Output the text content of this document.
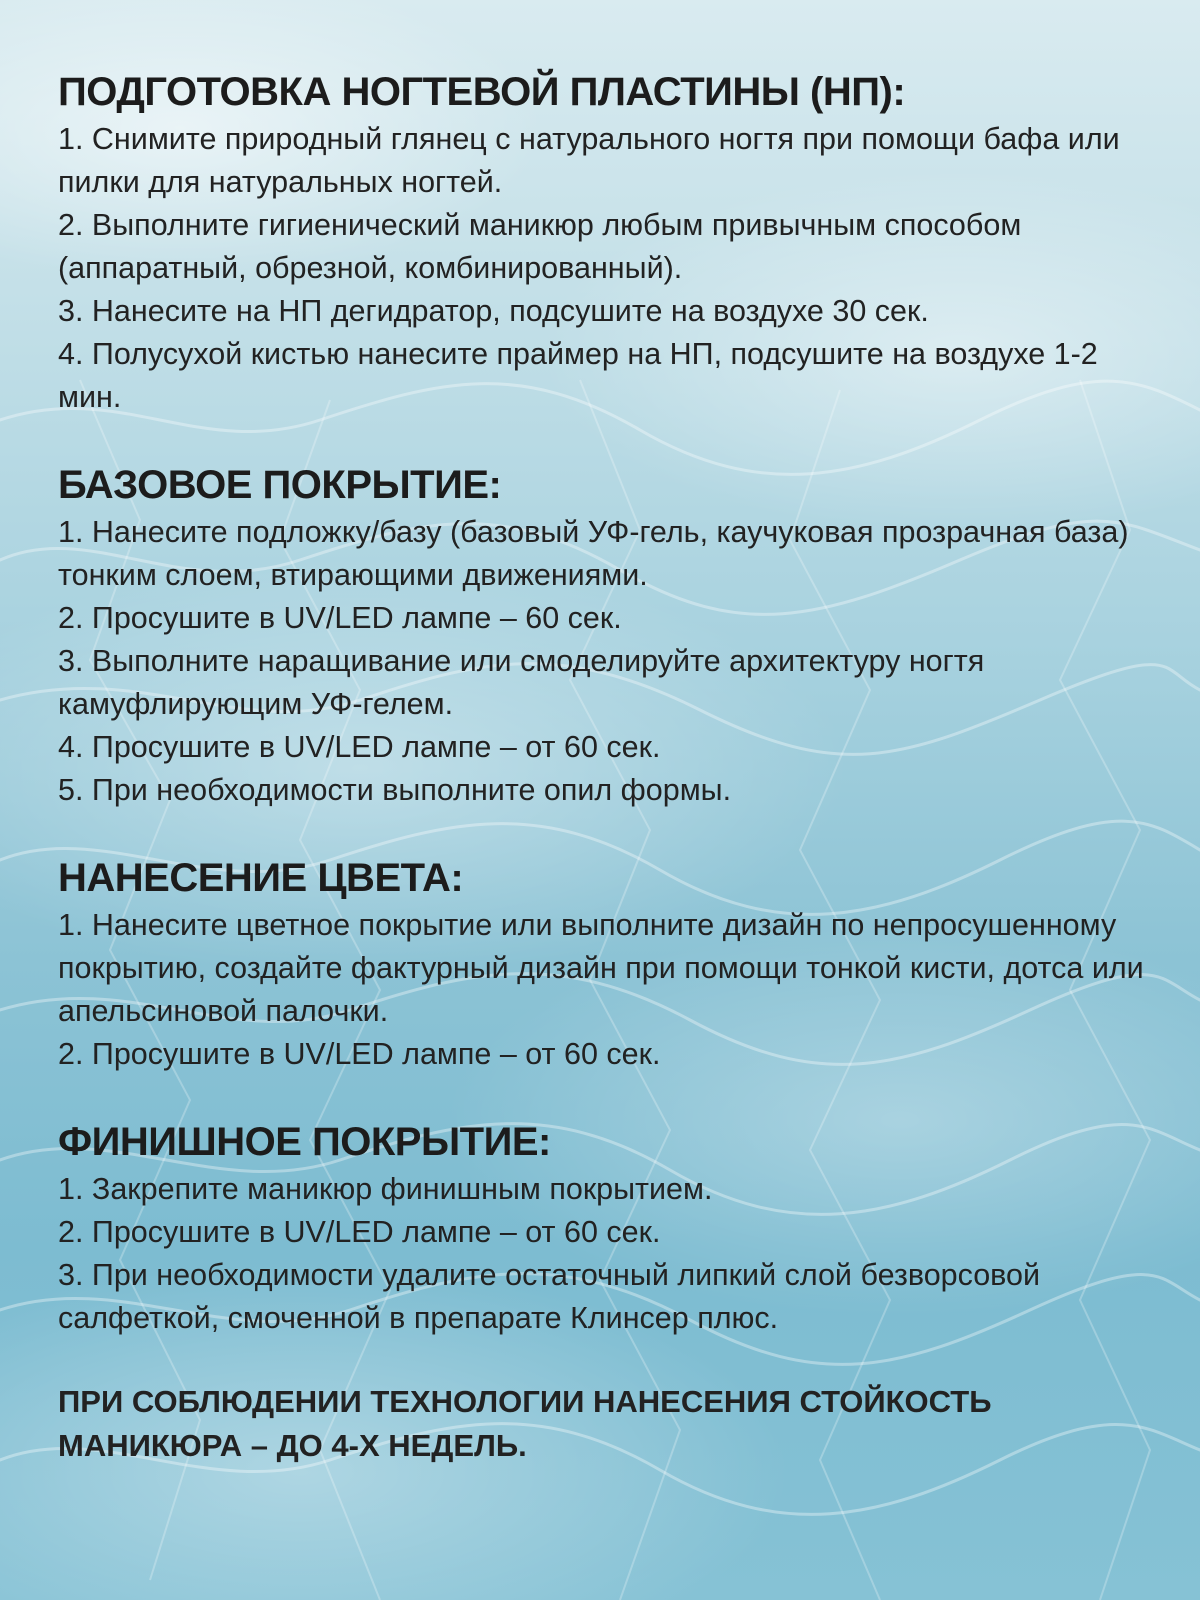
ПОДГОТОВКА НОГТЕВОЙ ПЛАСТИНЫ (НП):
1. Снимите природный глянец с натурального ногтя при помощи бафа или пилки для натуральных ногтей.
2. Выполните гигиенический маникюр любым привычным способом (аппаратный, обрезной, комбинированный).
3. Нанесите на НП дегидратор, подсушите на воздухе 30 сек.
4. Полусухой кистью нанесите праймер на НП, подсушите на воздухе 1-2 мин.
БАЗОВОЕ ПОКРЫТИЕ:
1. Нанесите подложку/базу (базовый УФ-гель, каучуковая прозрачная база) тонким слоем, втирающими движениями.
2. Просушите в UV/LED лампе – 60 сек.
3. Выполните наращивание или смоделируйте архитектуру ногтя камуфлирующим УФ-гелем.
4. Просушите в UV/LED лампе – от 60 сек.
5. При необходимости выполните опил формы.
НАНЕСЕНИЕ ЦВЕТА:
1. Нанесите цветное покрытие или выполните дизайн по непросушенному покрытию, создайте фактурный дизайн при помощи тонкой кисти, дотса или апельсиновой палочки.
2. Просушите в UV/LED лампе – от 60 сек.
ФИНИШНОЕ ПОКРЫТИЕ:
1. Закрепите маникюр финишным покрытием.
2. Просушите в UV/LED лампе – от 60 сек.
3. При необходимости удалите остаточный липкий слой безворсовой салфеткой, смоченной в препарате Клинсер плюс.

ПРИ СОБЛЮДЕНИИ ТЕХНОЛОГИИ НАНЕСЕНИЯ СТОЙКОСТЬ МАНИКЮРА – ДО 4-Х НЕДЕЛЬ.
